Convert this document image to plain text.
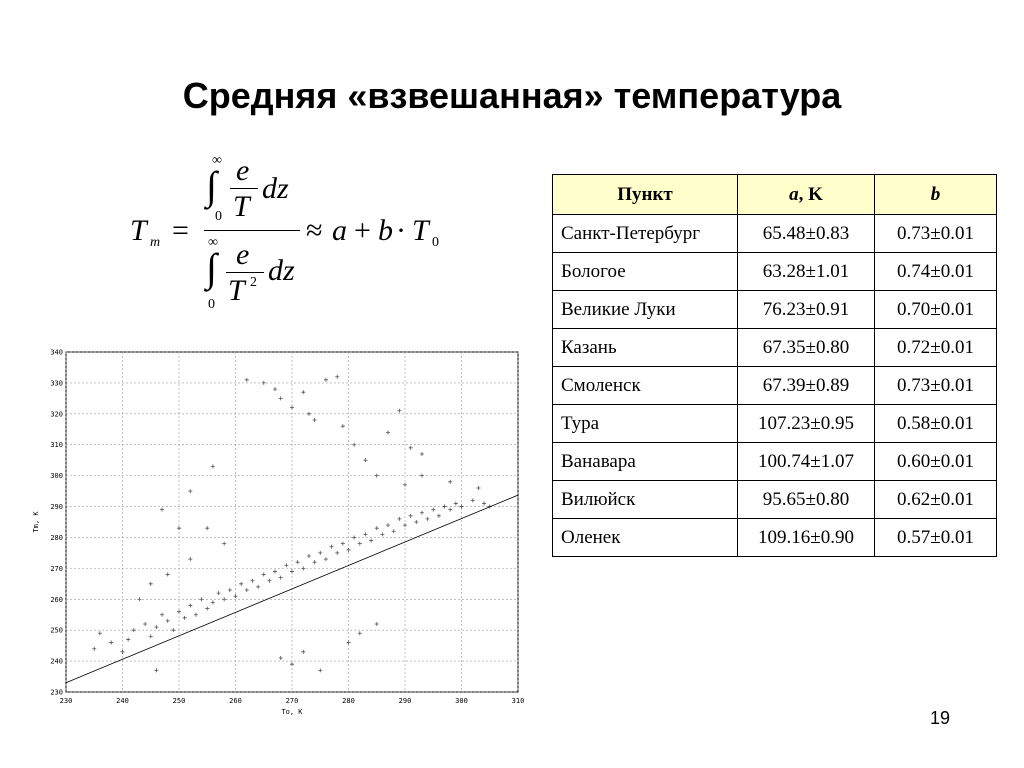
Средняя «взвешанная» температура
T m =
∞
∫
0
e
T
dz
∞
∫
0
e
T 2 dz
≈ a + b · T 0
Пункт	a, K	b
Санкт-Петербург	65.48±0.83	0.73±0.01
Бологое	63.28±1.01	0.74±0.01
Великие Луки	76.23±0.91	0.70±0.01
Казань	67.35±0.80	0.72±0.01
Смоленск	67.39±0.89	0.73±0.01
Тура	107.23±0.95	0.58±0.01
Ванавара	100.74±1.07	0.60±0.01
Вилюйск	95.65±0.80	0.62±0.01
Оленек	109.16±0.90	0.57±0.01
230	240	250	260	270	280	290	300	310
230
240
250
260
270
280
290
300
310
320
330
340
To, K
Tm, K
19
